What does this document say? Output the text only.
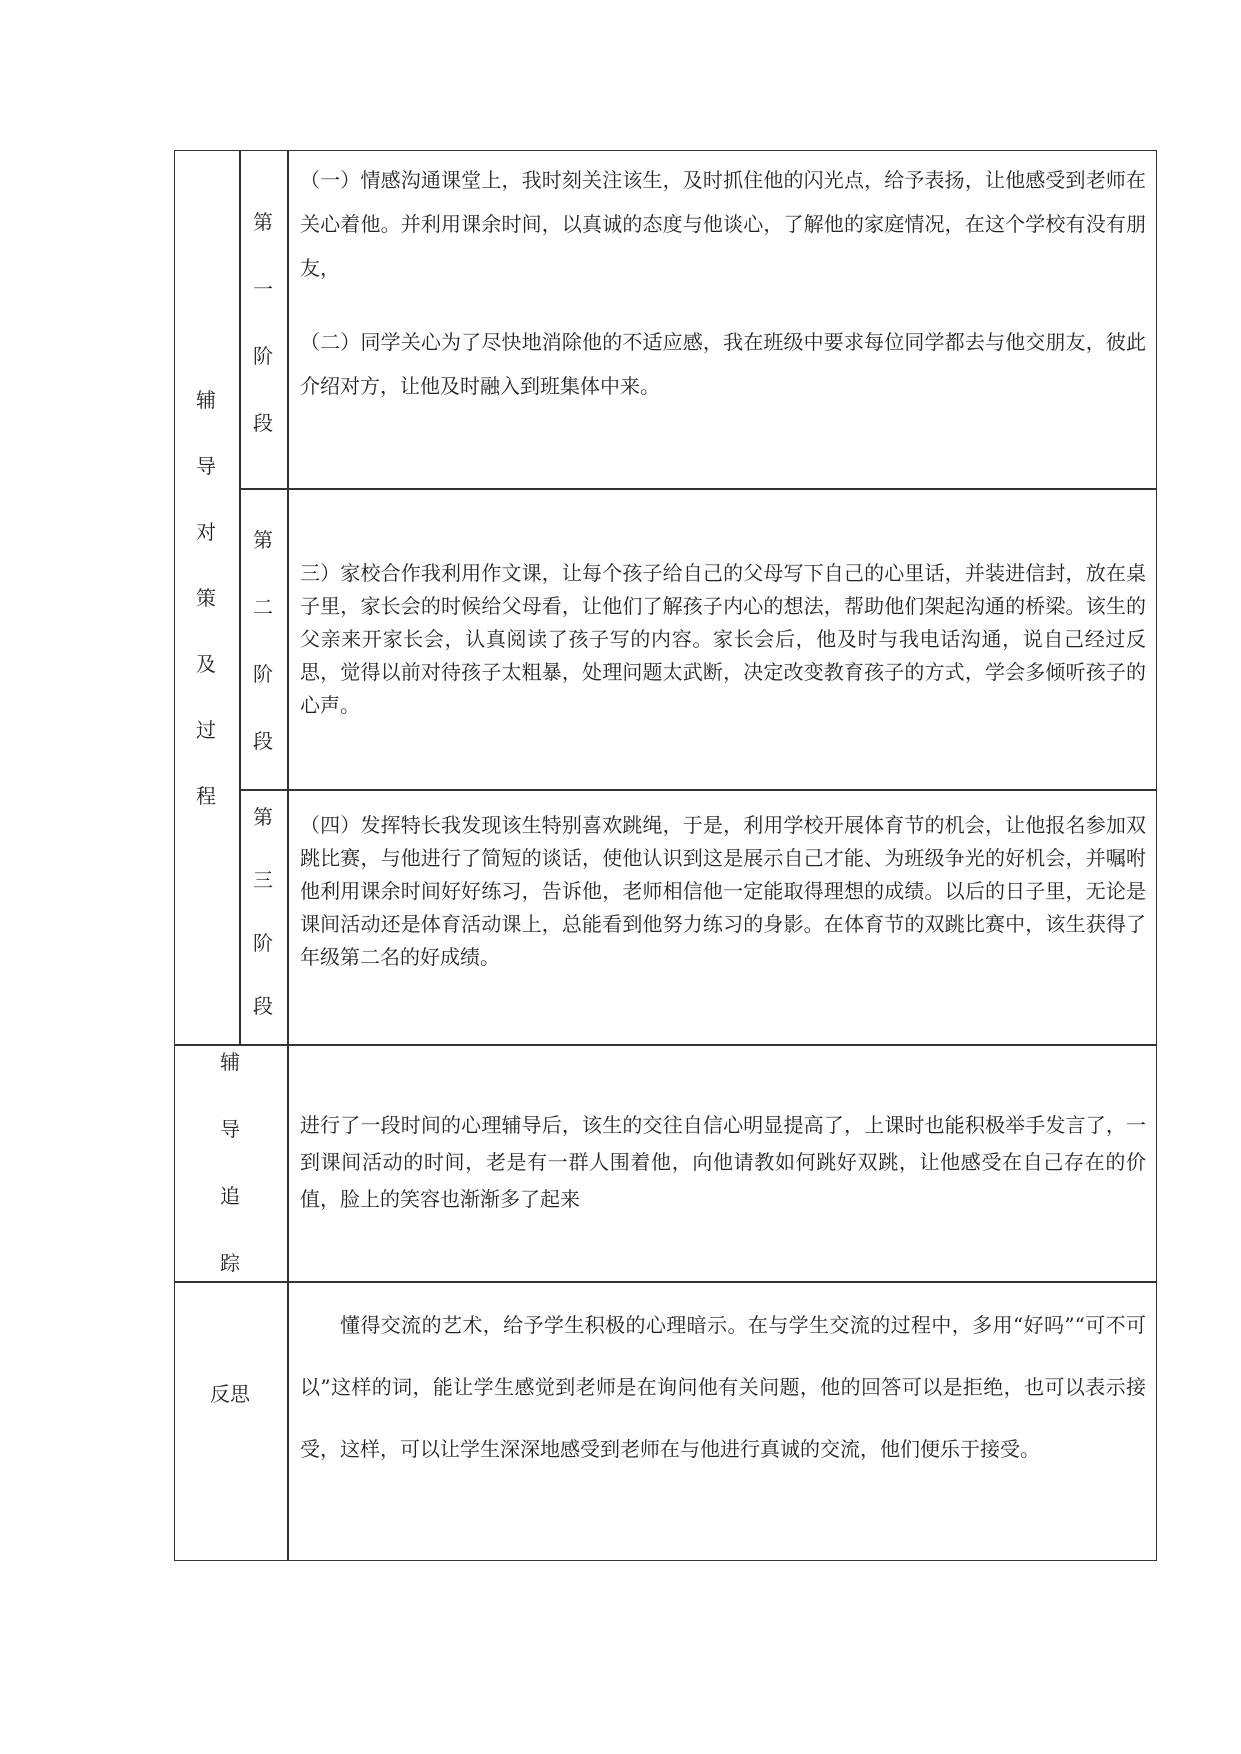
辅
导
对
策
及
过
程
第
一
阶
段

（一）情感沟通课堂上，我时刻关注该生，及时抓住他的闪光点，给予表扬，让他感受到老师在关心着他。并利用课余时间，以真诚的态度与他谈心，了解他的家庭情况，在这个学校有没有朋友，

（二）同学关心为了尽快地消除他的不适应感，我在班级中要求每位同学都去与他交朋友，彼此介绍对方，让他及时融入到班集体中来。

第
二
阶
段

三）家校合作我利用作文课，让每个孩子给自己的父母写下自己的心里话，并装进信封，放在桌子里，家长会的时候给父母看，让他们了解孩子内心的想法，帮助他们架起沟通的桥梁。该生的父亲来开家长会，认真阅读了孩子写的内容。家长会后，他及时与我电话沟通，说自己经过反思，觉得以前对待孩子太粗暴，处理问题太武断，决定改变教育孩子的方式，学会多倾听孩子的心声。

第
三
阶
段

（四）发挥特长我发现该生特别喜欢跳绳，于是，利用学校开展体育节的机会，让他报名参加双跳比赛，与他进行了简短的谈话，使他认识到这是展示自己才能、为班级争光的好机会，并嘱咐他利用课余时间好好练习，告诉他，老师相信他一定能取得理想的成绩。以后的日子里，无论是课间活动还是体育活动课上，总能看到他努力练习的身影。在体育节的双跳比赛中，该生获得了年级第二名的好成绩。

辅
导
追
踪

进行了一段时间的心理辅导后，该生的交往自信心明显提高了，上课时也能积极举手发言了，一到课间活动的时间，老是有一群人围着他，向他请教如何跳好双跳，让他感受在自己存在的价值，脸上的笑容也渐渐多了起来

反思

懂得交流的艺术，给予学生积极的心理暗示。在与学生交流的过程中，多用“好吗”“可不可以”这样的词，能让学生感觉到老师是在询问他有关问题，他的回答可以是拒绝，也可以表示接受，这样，可以让学生深深地感受到老师在与他进行真诚的交流，他们便乐于接受。
